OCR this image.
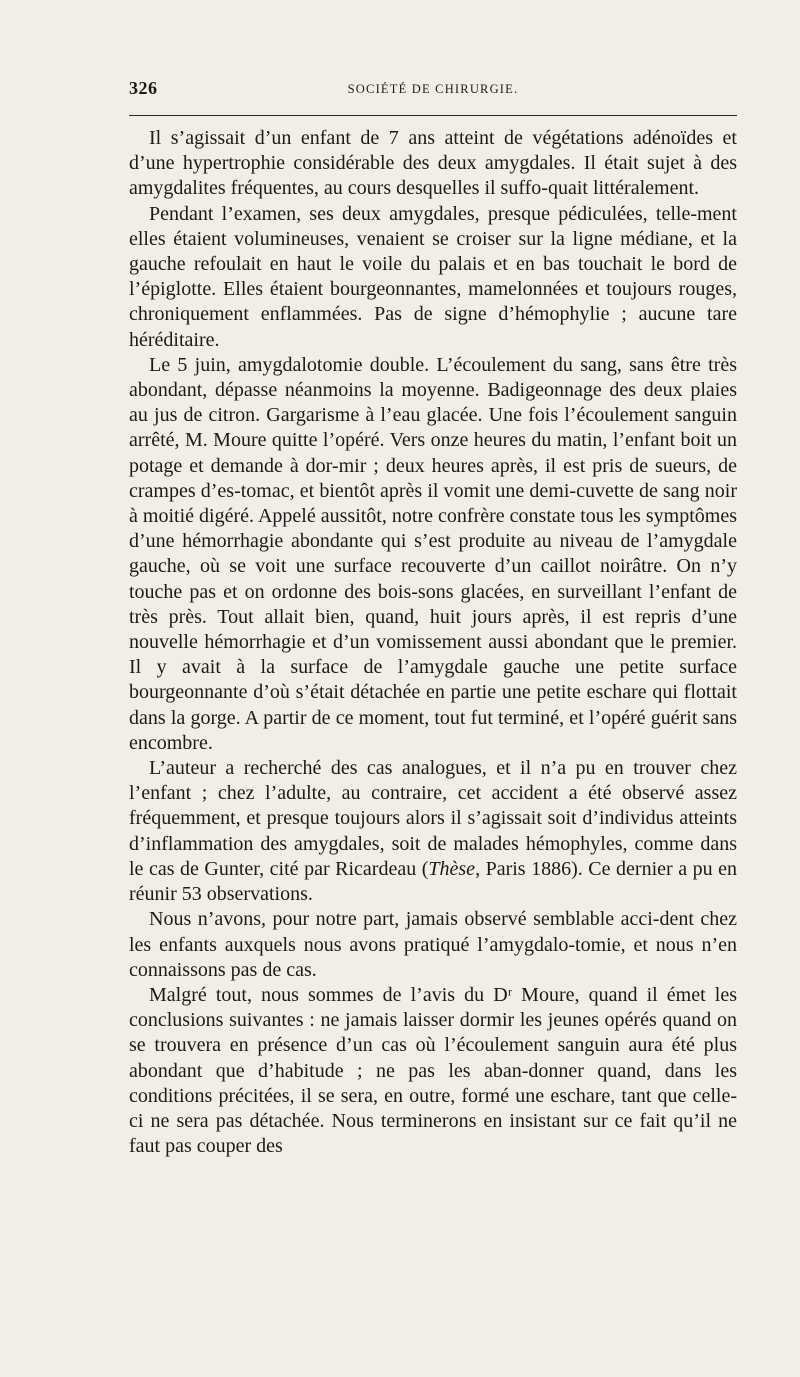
326	SOCIÉTÉ DE CHIRURGIE.

Il s’agissait d’un enfant de 7 ans atteint de végétations adénoïdes et d’une hypertrophie considérable des deux amygdales. Il était sujet à des amygdalites fréquentes, au cours desquelles il suffo-quait littéralement.

Pendant l’examen, ses deux amygdales, presque pédiculées, telle-ment elles étaient volumineuses, venaient se croiser sur la ligne médiane, et la gauche refoulait en haut le voile du palais et en bas touchait le bord de l’épiglotte. Elles étaient bourgeonnantes, mamelonnées et toujours rouges, chroniquement enflammées. Pas de signe d’hémophylie ; aucune tare héréditaire.

Le 5 juin, amygdalotomie double. L’écoulement du sang, sans être très abondant, dépasse néanmoins la moyenne. Badigeonnage des deux plaies au jus de citron. Gargarisme à l’eau glacée. Une fois l’écoulement sanguin arrêté, M. Moure quitte l’opéré. Vers onze heures du matin, l’enfant boit un potage et demande à dor-mir ; deux heures après, il est pris de sueurs, de crampes d’es-tomac, et bientôt après il vomit une demi-cuvette de sang noir à moitié digéré. Appelé aussitôt, notre confrère constate tous les symptômes d’une hémorrhagie abondante qui s’est produite au niveau de l’amygdale gauche, où se voit une surface recouverte d’un caillot noirâtre. On n’y touche pas et on ordonne des bois-sons glacées, en surveillant l’enfant de très près. Tout allait bien, quand, huit jours après, il est repris d’une nouvelle hémorrhagie et d’un vomissement aussi abondant que le premier. Il y avait à la surface de l’amygdale gauche une petite surface bourgeonnante d’où s’était détachée en partie une petite eschare qui flottait dans la gorge. A partir de ce moment, tout fut terminé, et l’opéré guérit sans encombre.

L’auteur a recherché des cas analogues, et il n’a pu en trouver chez l’enfant ; chez l’adulte, au contraire, cet accident a été observé assez fréquemment, et presque toujours alors il s’agissait soit d’individus atteints d’inflammation des amygdales, soit de malades hémophyles, comme dans le cas de Gunter, cité par Ricardeau (Thèse, Paris 1886). Ce dernier a pu en réunir 53 observations.

Nous n’avons, pour notre part, jamais observé semblable acci-dent chez les enfants auxquels nous avons pratiqué l’amygdalo-tomie, et nous n’en connaissons pas de cas.

Malgré tout, nous sommes de l’avis du Dʳ Moure, quand il émet les conclusions suivantes : ne jamais laisser dormir les jeunes opérés quand on se trouvera en présence d’un cas où l’écoulement sanguin aura été plus abondant que d’habitude ; ne pas les aban-donner quand, dans les conditions précitées, il se sera, en outre, formé une eschare, tant que celle-ci ne sera pas détachée. Nous terminerons en insistant sur ce fait qu’il ne faut pas couper des
